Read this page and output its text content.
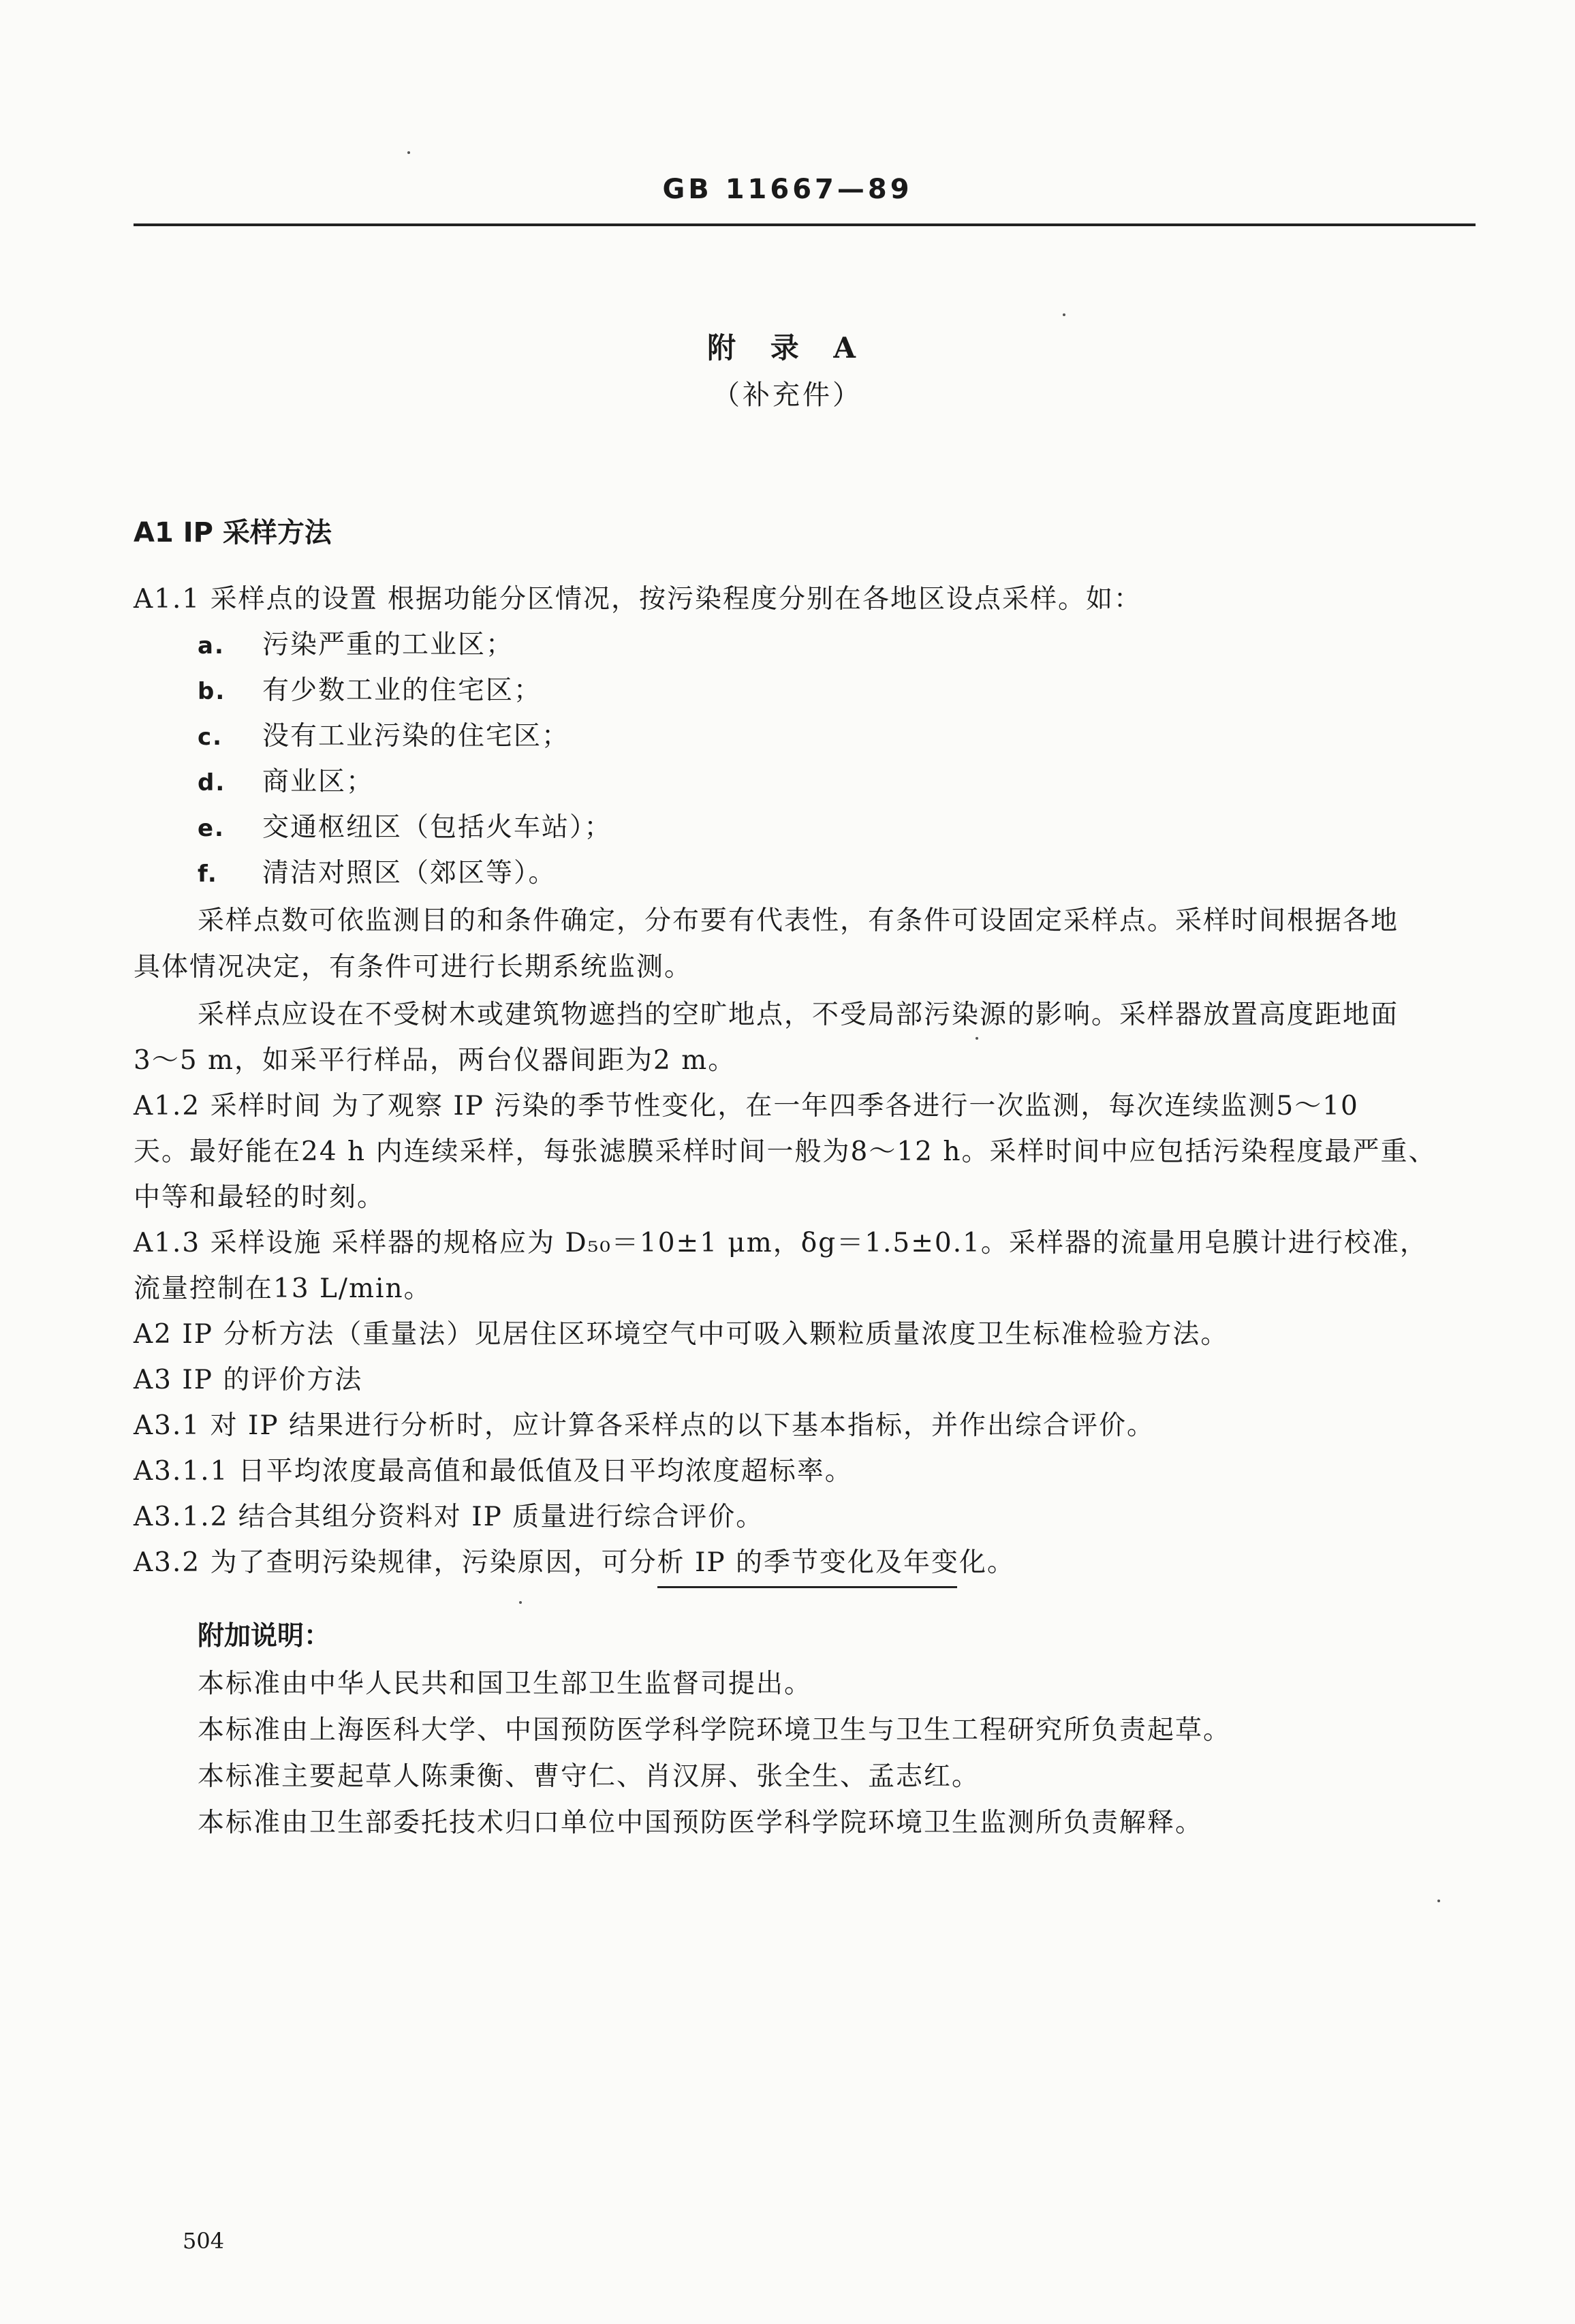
GB 11667—89
附 录 A
（补充件）
A1 IP 采样方法
A1.1 采样点的设置 根据功能分区情况，按污染程度分别在各地区设点采样。如：
a. 污染严重的工业区；
b. 有少数工业的住宅区；
c. 没有工业污染的住宅区；
d. 商业区；
e. 交通枢纽区（包括火车站）；
f. 清洁对照区（郊区等）。
采样点数可依监测目的和条件确定，分布要有代表性，有条件可设固定采样点。采样时间根据各地
具体情况决定，有条件可进行长期系统监测。
采样点应设在不受树木或建筑物遮挡的空旷地点，不受局部污染源的影响。采样器放置高度距地面
3～5 m，如采平行样品，两台仪器间距为2 m。
A1.2 采样时间 为了观察 IP 污染的季节性变化，在一年四季各进行一次监测，每次连续监测5～10
天。最好能在24 h 内连续采样，每张滤膜采样时间一般为8～12 h。采样时间中应包括污染程度最严重、
中等和最轻的时刻。
A1.3 采样设施 采样器的规格应为 D₅₀＝10±1 μm，δg＝1.5±0.1。采样器的流量用皂膜计进行校准，
流量控制在13 L/min。
A2 IP 分析方法（重量法）见居住区环境空气中可吸入颗粒质量浓度卫生标准检验方法。
A3 IP 的评价方法
A3.1 对 IP 结果进行分析时，应计算各采样点的以下基本指标，并作出综合评价。
A3.1.1 日平均浓度最高值和最低值及日平均浓度超标率。
A3.1.2 结合其组分资料对 IP 质量进行综合评价。
A3.2 为了查明污染规律，污染原因，可分析 IP 的季节变化及年变化。
附加说明：
本标准由中华人民共和国卫生部卫生监督司提出。
本标准由上海医科大学、中国预防医学科学院环境卫生与卫生工程研究所负责起草。
本标准主要起草人陈秉衡、曹守仁、肖汉屏、张全生、孟志红。
本标准由卫生部委托技术归口单位中国预防医学科学院环境卫生监测所负责解释。
504
